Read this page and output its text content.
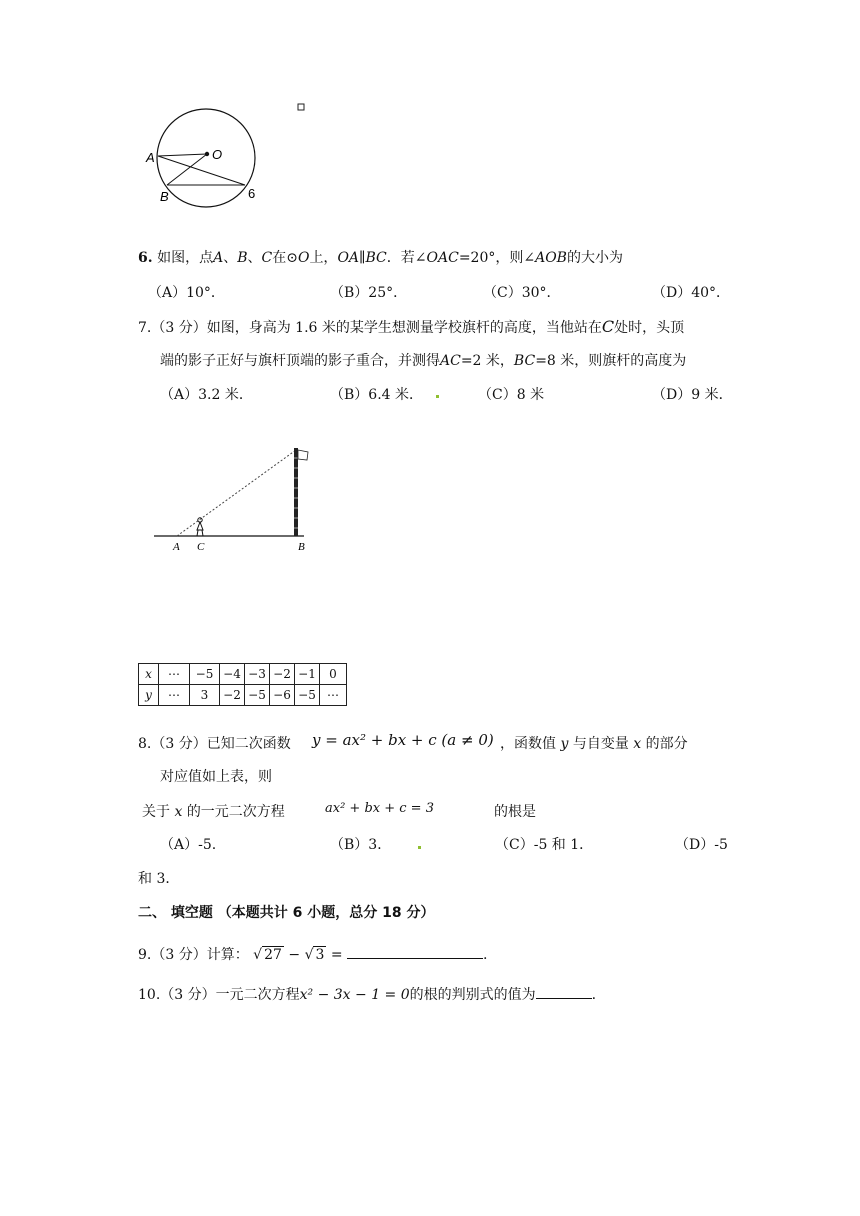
A	O
B	6
6. 如图，点A、B、C在⊙O上，OA∥BC．若∠OAC=20°，则∠AOB的大小为
（A）10°．	（B）25°．	（C）30°．	（D）40°．
7.（3 分）如图，身高为 1.6 米的某学生想测量学校旗杆的高度，当他站在C处时，头顶
端的影子正好与旗杆顶端的影子重合，并测得AC=2 米，BC=8 米，则旗杆的高度为
（A）3.2 米．	（B）6.4 米．	（C）8 米	（D）9 米．
A C	B
x	⋯	−5	−4	−3	−2	−1	0
y	⋯	3	−2	−5	−6	−5	⋯
8.（3 分）已知二次函数 y = ax² + bx + c (a ≠ 0) ，函数值 y 与自变量 x 的部分
对应值如上表，则
关于 x 的一元二次方程	ax² + bx + c = 3	的根是
（A）-5.	（B）3．	（C）-5 和 1．	（D）-5
和 3．
二、 填空题 （本题共计 6 小题，总分 18 分）
9.（3 分）计算： √ 27 − √ 3 =	.
10.（3 分）一元二次方程x² − 3x − 1 = 0的根的判别式的值为	.
